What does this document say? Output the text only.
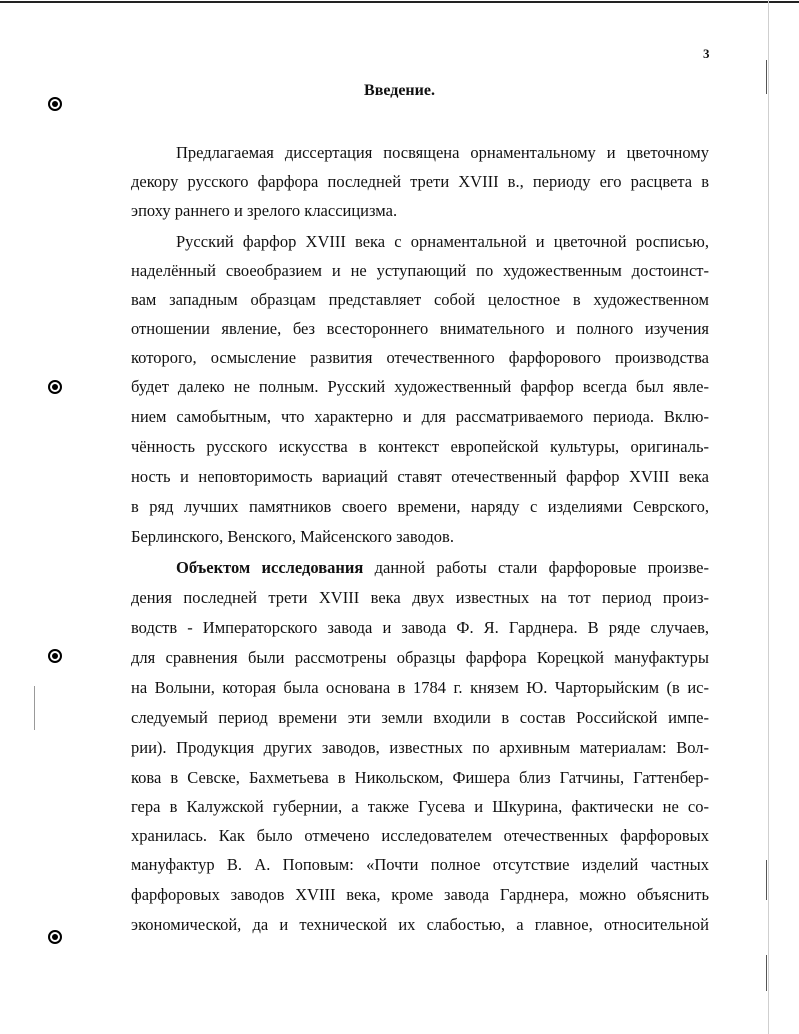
3
Введение.
Предлагаемая диссертация посвящена орнаментальному и цветочному
декору русского фарфора последней трети XVIII в., периоду его расцвета в
эпоху раннего и зрелого классицизма.
Русский фарфор XVIII века с орнаментальной и цветочной росписью,
наделённый своеобразием и не уступающий по художественным достоинст-
вам западным образцам представляет собой целостное в художественном
отношении явление, без всестороннего внимательного и полного изучения
которого, осмысление развития отечественного фарфорового производства
будет далеко не полным. Русский художественный фарфор всегда был явле-
нием самобытным, что характерно и для рассматриваемого периода. Вклю-
чённость русского искусства в контекст европейской культуры, оригиналь-
ность и неповторимость вариаций ставят отечественный фарфор XVIII века
в ряд лучших памятников своего времени, наряду с изделиями Севрского,
Берлинского, Венского, Майсенского заводов.
Объектом исследования данной работы стали фарфоровые произве-
дения последней трети XVIII века двух известных на тот период произ-
водств - Императорского завода и завода Ф. Я. Гарднера. В ряде случаев,
для сравнения были рассмотрены образцы фарфора Корецкой мануфактуры
на Волыни, которая была основана в 1784 г. князем Ю. Чарторыйским (в ис-
следуемый период времени эти земли входили в состав Российской импе-
рии). Продукция других заводов, известных по архивным материалам: Вол-
кова в Севске, Бахметьева в Никольском, Фишера близ Гатчины, Гаттенбер-
гера в Калужской губернии, а также Гусева и Шкурина, фактически не со-
хранилась. Как было отмечено исследователем отечественных фарфоровых
мануфактур В. А. Поповым: «Почти полное отсутствие изделий частных
фарфоровых заводов XVIII века, кроме завода Гарднера, можно объяснить
экономической, да и технической их слабостью, а главное, относительной
